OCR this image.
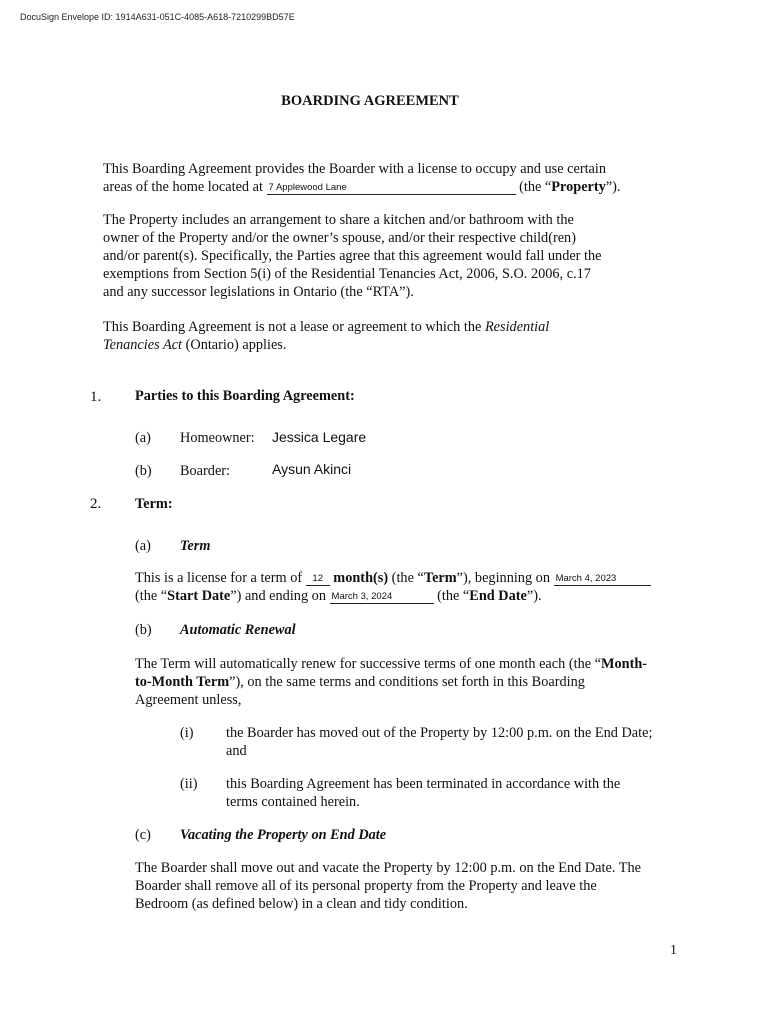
DocuSign Envelope ID: 1914A631-051C-4085-A618-7210299BD57E
BOARDING AGREEMENT
This Boarding Agreement provides the Boarder with a license to occupy and use certain
areas of the home located at 7 Applewood Lane	(the “Property”).
The Property includes an arrangement to share a kitchen and/or bathroom with the
owner of the Property and/or the owner’s spouse, and/or their respective child(ren)
and/or parent(s). Specifically, the Parties agree that this agreement would fall under the
exemptions from Section 5(i) of the Residential Tenancies Act, 2006, S.O. 2006, c.17
and any successor legislations in Ontario (the “RTA”).
This Boarding Agreement is not a lease or agreement to which the Residential
Tenancies Act (Ontario) applies.
1. Parties to this Boarding Agreement:
(a) Homeowner: Jessica Legare
(b) Boarder:	Aysun Akinci
2. Term:
(a) Term
This is a license for a term of 12 month(s) (the “Term”), beginning on March 4, 2023
(the “Start Date”) and ending on March 3, 2024	(the “End Date”).
(b) Automatic Renewal
The Term will automatically renew for successive terms of one month each (the “Month-
to-Month Term”), on the same terms and conditions set forth in this Boarding
Agreement unless,
(i) the Boarder has moved out of the Property by 12:00 p.m. on the End Date;
and
(ii) this Boarding Agreement has been terminated in accordance with the
terms contained herein.
(c) Vacating the Property on End Date
The Boarder shall move out and vacate the Property by 12:00 p.m. on the End Date. The
Boarder shall remove all of its personal property from the Property and leave the
Bedroom (as defined below) in a clean and tidy condition.
1
